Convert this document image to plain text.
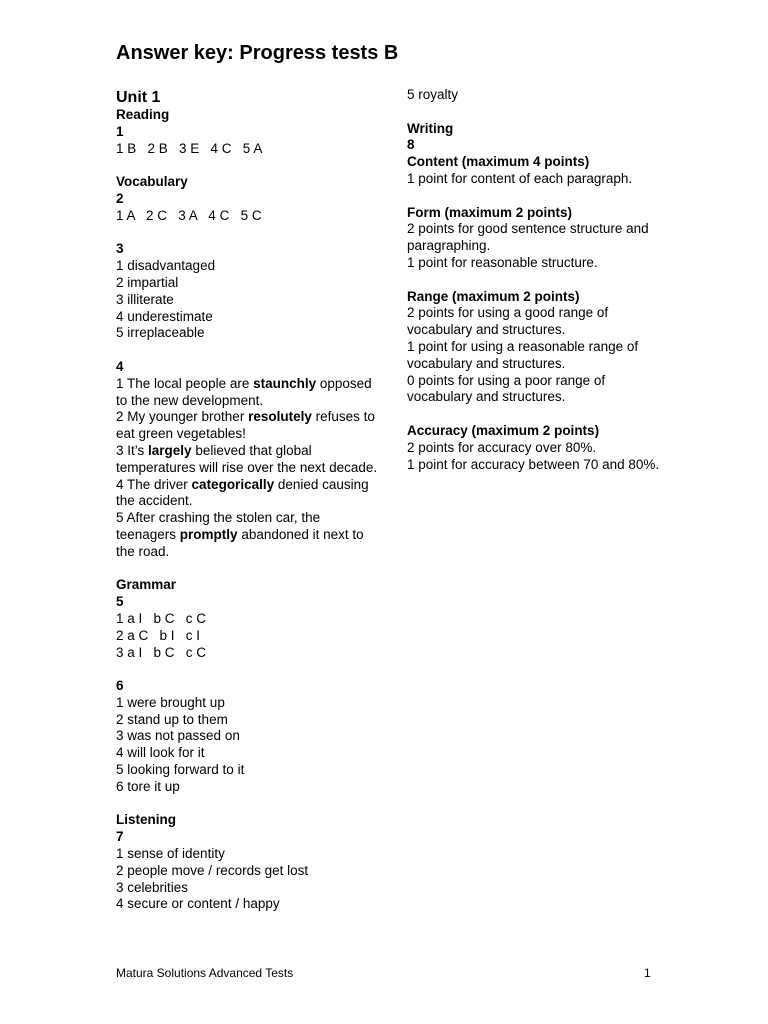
Answer key: Progress tests B
Unit 1
Reading
1
1 B   2 B   3 E   4 C   5 A
Vocabulary
2
1 A   2 C   3 A   4 C   5 C
3
1 disadvantaged
2 impartial
3 illiterate
4 underestimate
5 irreplaceable
4
1 The local people are staunchly opposed to the new development.
2 My younger brother resolutely refuses to eat green vegetables!
3 It’s largely believed that global temperatures will rise over the next decade.
4 The driver categorically denied causing the accident.
5 After crashing the stolen car, the teenagers promptly abandoned it next to the road.
Grammar
5
1 a I   b C   c C
2 a C   b I   c I
3 a I   b C   c C
6
1 were brought up
2 stand up to them
3 was not passed on
4 will look for it
5 looking forward to it
6 tore it up
Listening
7
1 sense of identity
2 people move / records get lost
3 celebrities
4 secure or content / happy
5 royalty
Writing
8
Content (maximum 4 points)
1 point for content of each paragraph.
Form (maximum 2 points)
2 points for good sentence structure and paragraphing.
1 point for reasonable structure.
Range (maximum 2 points)
2 points for using a good range of vocabulary and structures.
1 point for using a reasonable range of vocabulary and structures.
0 points for using a poor range of vocabulary and structures.
Accuracy (maximum 2 points)
2 points for accuracy over 80%.
1 point for accuracy between 70 and 80%.
Matura Solutions Advanced Tests	1
